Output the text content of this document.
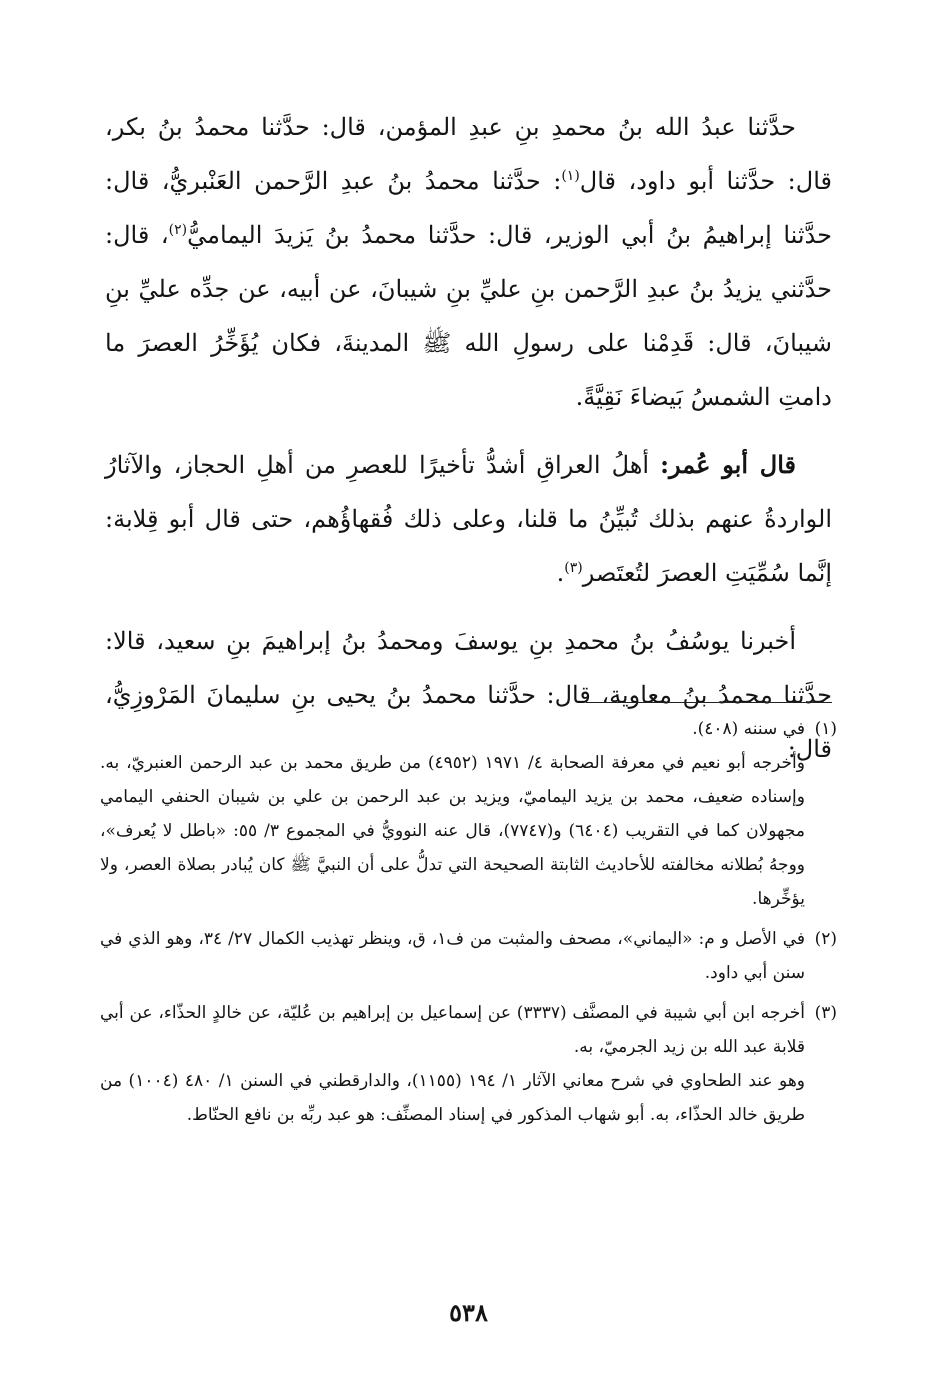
حدَّثنا عبدُ الله بنُ محمدِ بنِ عبدِ المؤمن، قال: حدَّثنا محمدُ بنُ بكر، قال: حدَّثنا أبو داود، قال$^{(١)}$: حدَّثنا محمدُ بنُ عبدِ الرَّحمن العَنْبريُّ، قال: حدَّثنا إبراهيمُ بنُ أبي الوزير، قال: حدَّثنا محمدُ بنُ يَزيدَ اليماميُّ$^{(٢)}$، قال: حدَّثني يزيدُ بنُ عبدِ الرَّحمن بنِ عليِّ بنِ شيبانَ، عن أبيه، عن جدِّه عليِّ بنِ شيبانَ، قال: قَدِمْنا على رسولِ الله ﷺ المدينةَ، فكان يُؤَخِّرُ العصرَ ما دامتِ الشمسُ بَيضاءَ نَقِيَّةً.

قال أبو عُمر: أهلُ العراقِ أشدُّ تأخيرًا للعصرِ من أهلِ الحجاز، والآثارُ الواردةُ عنهم بذلك تُبيِّنُ ما قلنا، وعلى ذلك فُقهاؤُهم، حتى قال أبو قِلابة: إنَّما سُمِّيَتِ العصرَ لتُعتَصر$^{(٣)}$.

أخبرنا يوسُفُ بنُ محمدِ بنِ يوسفَ ومحمدُ بنُ إبراهيمَ بنِ سعيد، قالا: حدَّثنا محمدُ بنُ معاوية، قال: حدَّثنا محمدُ بنُ يحيى بنِ سليمانَ المَرْوزِيُّ، قال:

(١)
في سننه (٤٠٨).
وأخرجه أبو نعيم في معرفة الصحابة ٤/ ١٩٧١ (٤٩٥٢) من طريق محمد بن عبد الرحمن العنبريّ، به. وإسناده ضعيف، محمد بن يزيد اليماميّ، ويزيد بن عبد الرحمن بن علي بن شيبان الحنفي اليمامي مجهولان كما في التقريب (٦٤٠٤) و(٧٧٤٧)، قال عنه النوويُّ في المجموع ٣/ ٥٥: «باطل لا يُعرف»، ووجهُ بُطلانه مخالفته للأحاديث الثابتة الصحيحة التي تدلُّ على أن النبيَّ ﷺ كان يُبادر بصلاة العصر، ولا يؤخِّرها.
(٢)
في الأصل و م: «اليماني»، مصحف والمثبت من ف١، ق، وينظر تهذيب الكمال ٢٧/ ٣٤، وهو الذي في سنن أبي داود.
(٣)
أخرجه ابن أبي شيبة في المصنَّف (٣٣٣٧) عن إسماعيل بن إبراهيم بن عُليّة، عن خالدٍ الحذّاء، عن أبي قلابة عبد الله بن زيد الجرميّ، به.
وهو عند الطحاوي في شرح معاني الآثار ١/ ١٩٤ (١١٥٥)، والدارقطني في السنن ١/ ٤٨٠ (١٠٠٤) من طريق خالد الحذّاء، به. أبو شهاب المذكور في إسناد المصنِّف: هو عبد ربِّه بن نافع الحنّاط.
٥٣٨
